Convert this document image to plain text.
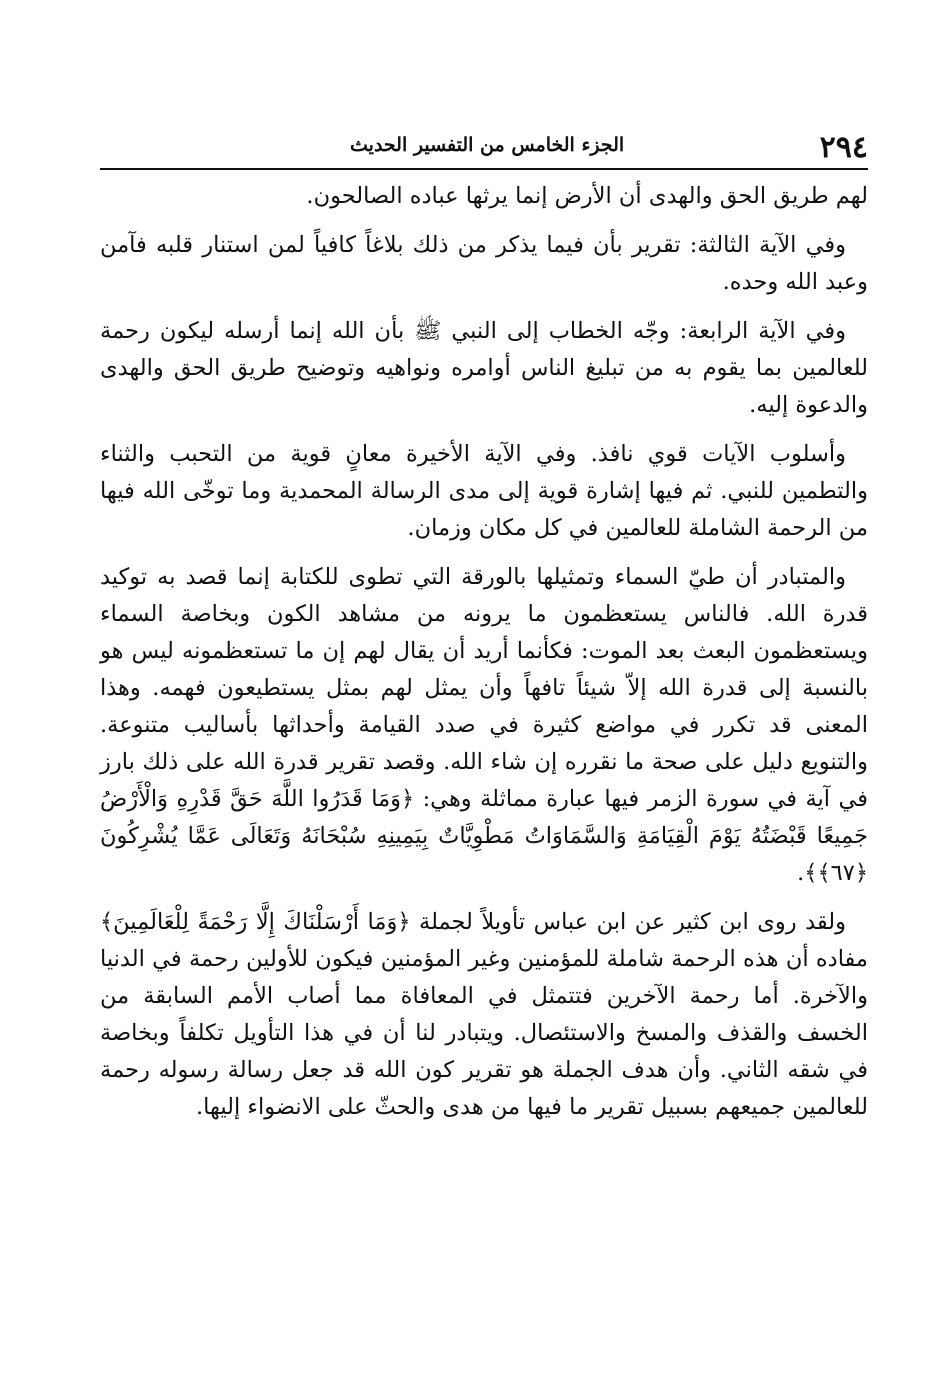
٢٩٤
الجزء الخامس من التفسير الحديث

لهم طريق الحق والهدى أن الأرض إنما يرثها عباده الصالحون.

وفي الآية الثالثة: تقرير بأن فيما يذكر من ذلك بلاغاً كافياً لمن استنار قلبه فآمن وعبد الله وحده.

وفي الآية الرابعة: وجّه الخطاب إلى النبي ﷺ بأن الله إنما أرسله ليكون رحمة للعالمين بما يقوم به من تبليغ الناس أوامره ونواهيه وتوضيح طريق الحق والهدى والدعوة إليه.

وأسلوب الآيات قوي نافذ. وفي الآية الأخيرة معانٍ قوية من التحبب والثناء والتطمين للنبي. ثم فيها إشارة قوية إلى مدى الرسالة المحمدية وما توخّى الله فيها من الرحمة الشاملة للعالمين في كل مكان وزمان.

والمتبادر أن طيّ السماء وتمثيلها بالورقة التي تطوى للكتابة إنما قصد به توكيد قدرة الله. فالناس يستعظمون ما يرونه من مشاهد الكون وبخاصة السماء ويستعظمون البعث بعد الموت: فكأنما أريد أن يقال لهم إن ما تستعظمونه ليس هو بالنسبة إلى قدرة الله إلاّ شيئاً تافهاً وأن يمثل لهم بمثل يستطيعون فهمه. وهذا المعنى قد تكرر في مواضع كثيرة في صدد القيامة وأحداثها بأساليب متنوعة. والتنويع دليل على صحة ما نقرره إن شاء الله. وقصد تقرير قدرة الله على ذلك بارز في آية في سورة الزمر فيها عبارة مماثلة وهي: ﴿وَمَا قَدَرُوا اللَّهَ حَقَّ قَدْرِهِ وَالْأَرْضُ جَمِيعًا قَبْضَتُهُ يَوْمَ الْقِيَامَةِ وَالسَّمَاوَاتُ مَطْوِيَّاتٌ بِيَمِينِهِ سُبْحَانَهُ وَتَعَالَى عَمَّا يُشْرِكُونَ ﴿٦٧﴾﴾.

ولقد روى ابن كثير عن ابن عباس تأويلاً لجملة ﴿وَمَا أَرْسَلْنَاكَ إِلَّا رَحْمَةً لِلْعَالَمِينَ﴾ مفاده أن هذه الرحمة شاملة للمؤمنين وغير المؤمنين فيكون للأولين رحمة في الدنيا والآخرة. أما رحمة الآخرين فتتمثل في المعافاة مما أصاب الأمم السابقة من الخسف والقذف والمسخ والاستئصال. ويتبادر لنا أن في هذا التأويل تكلفاً وبخاصة في شقه الثاني. وأن هدف الجملة هو تقرير كون الله قد جعل رسالة رسوله رحمة للعالمين جميعهم بسبيل تقرير ما فيها من هدى والحثّ على الانضواء إليها.
